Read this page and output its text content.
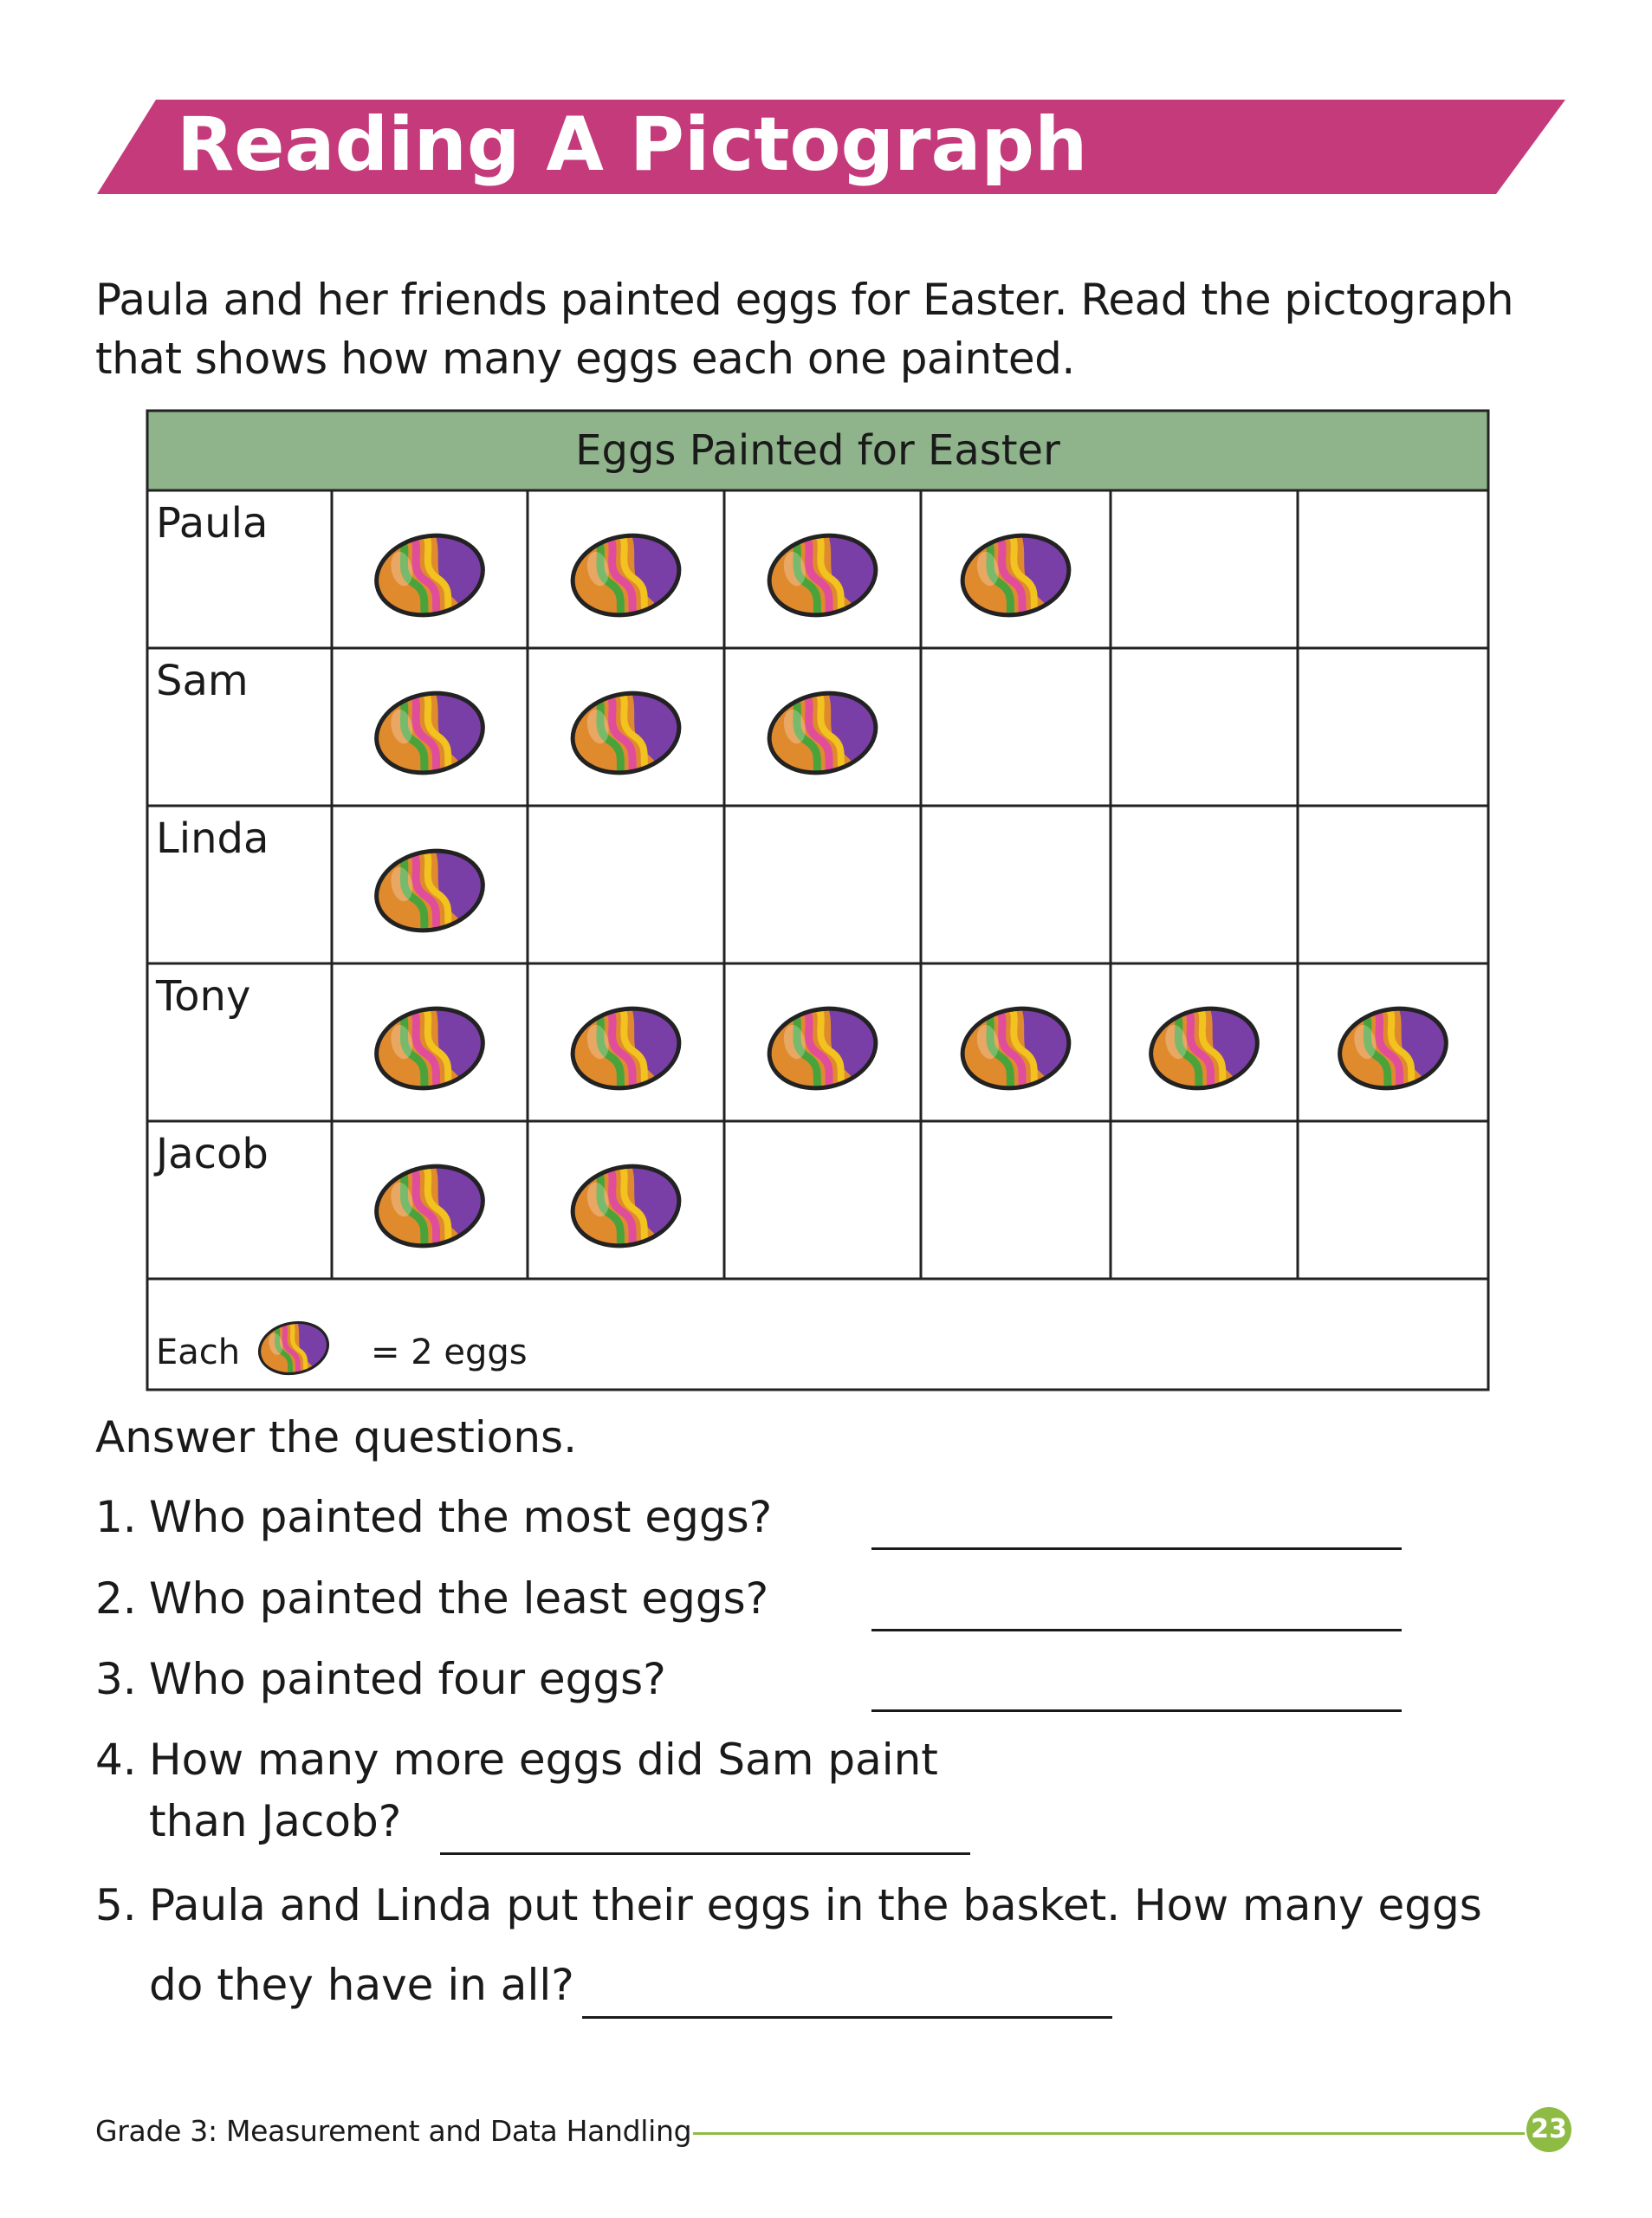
Reading A Pictograph

Paula and her friends painted eggs for Easter. Read the pictograph that shows how many eggs each one painted.

Eggs Painted for Easter
Paula
Sam
Linda
Tony
Jacob
Each	= 2 eggs
Answer the questions.
1. Who painted the most eggs?
2. Who painted the least eggs?
3. Who painted four eggs?
4. How many more eggs did Sam paint
than Jacob?
5. Paula and Linda put their eggs in the basket. How many eggs
do they have in all?
Grade 3: Measurement and Data Handling	23
